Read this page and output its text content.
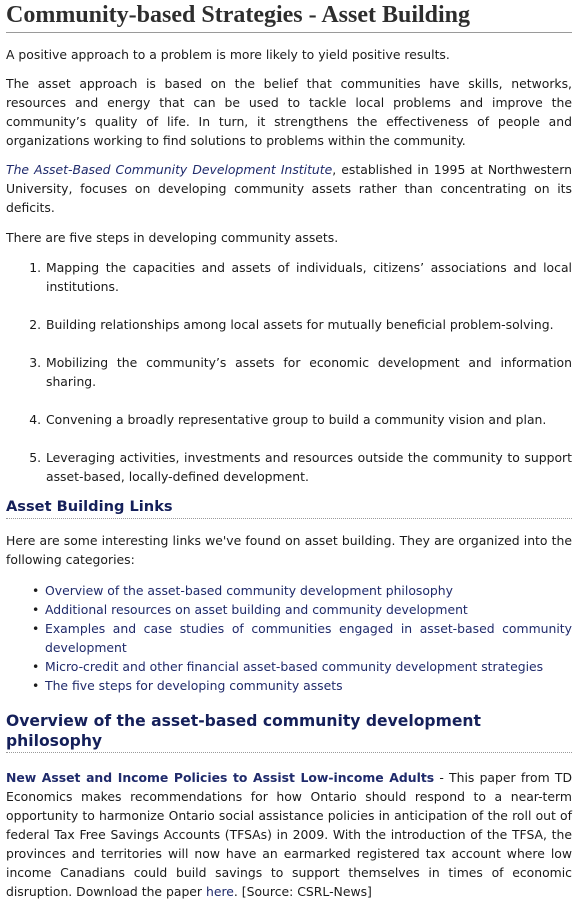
Community-based Strategies - Asset Building

A positive approach to a problem is more likely to yield positive results.

The asset approach is based on the belief that communities have skills, networks, resources and energy that can be used to tackle local problems and improve the community’s quality of life. In turn, it strengthens the effectiveness of people and organizations working to find solutions to problems within the community.

The Asset-Based Community Development Institute, established in 1995 at Northwestern University, focuses on developing community assets rather than concentrating on its deficits.

There are five steps in developing community assets.

1. Mapping the capacities and assets of individuals, citizens’ associations and local institutions.
2. Building relationships among local assets for mutually beneficial problem-solving.
3. Mobilizing the community’s assets for economic development and information sharing.
4. Convening a broadly representative group to build a community vision and plan.
5. Leveraging activities, investments and resources outside the community to support asset-based, locally-defined development.
Asset Building Links

Here are some interesting links we've found on asset building. They are organized into the following categories:

• Overview of the asset-based community development philosophy
• Additional resources on asset building and community development
• Examples and case studies of communities engaged in asset-based community development
• Micro-credit and other financial asset-based community development strategies
• The five steps for developing community assets
Overview of the asset-based community development philosophy

New Asset and Income Policies to Assist Low-income Adults - This paper from TD Economics makes recommendations for how Ontario should respond to a near-term opportunity to harmonize Ontario social assistance policies in anticipation of the roll out of federal Tax Free Savings Accounts (TFSAs) in 2009. With the introduction of the TFSA, the provinces and territories will now have an earmarked registered tax account where low income Canadians could build savings to support themselves in times of economic disruption. Download the paper here. [Source: CSRL-News]
